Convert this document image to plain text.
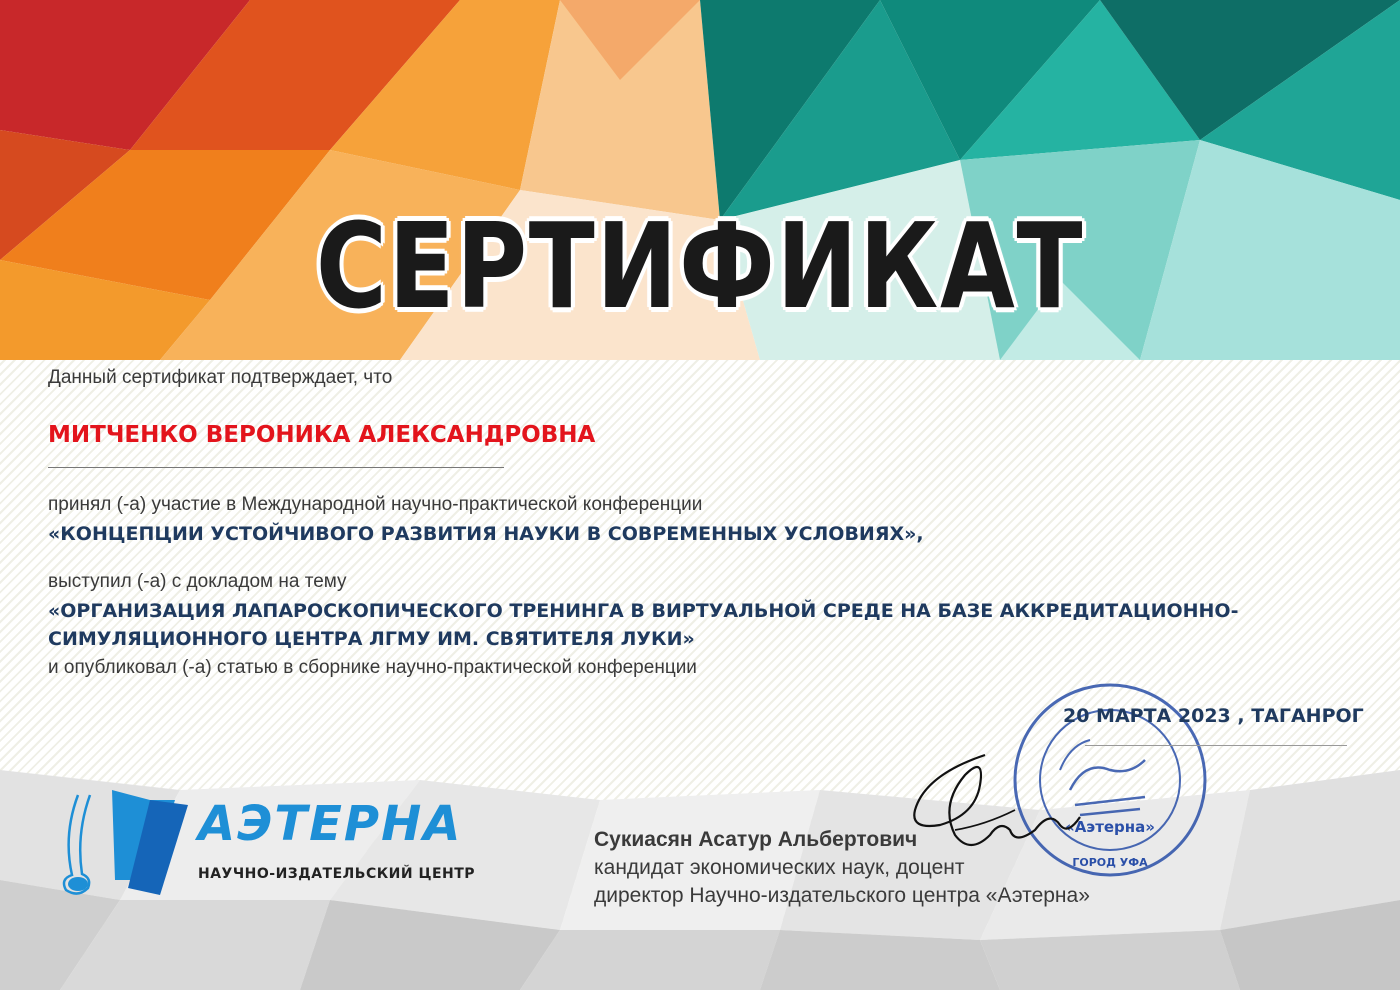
СЕРТИФИКАТ
Данный сертификат подтверждает, что
МИТЧЕНКО ВЕРОНИКА АЛЕКСАНДРОВНА
принял (-а) участие в Международной научно-практической конференции
«КОНЦЕПЦИИ УСТОЙЧИВОГО РАЗВИТИЯ НАУКИ В СОВРЕМЕННЫХ УСЛОВИЯХ»,
выступил (-а) с докладом на тему
«ОРГАНИЗАЦИЯ ЛАПАРОСКОПИЧЕСКОГО ТРЕНИНГА В ВИРТУАЛЬНОЙ СРЕДЕ НА БАЗЕ АККРЕДИТАЦИОННО-
СИМУЛЯЦИОННОГО ЦЕНТРА ЛГМУ ИМ. СВЯТИТЕЛЯ ЛУКИ»
и опубликовал (-а) статью в сборнике научно-практической конференции
«Аэтерна»
ГОРОД УФА
20 МАРТА 2023 , ТАГАНРОГ
АЭТЕРНА
НАУЧНО-ИЗДАТЕЛЬСКИЙ ЦЕНТР
Сукиасян Асатур Альбертович
кандидат экономических наук, доцент
директор Научно-издательского центра «Аэтерна»
